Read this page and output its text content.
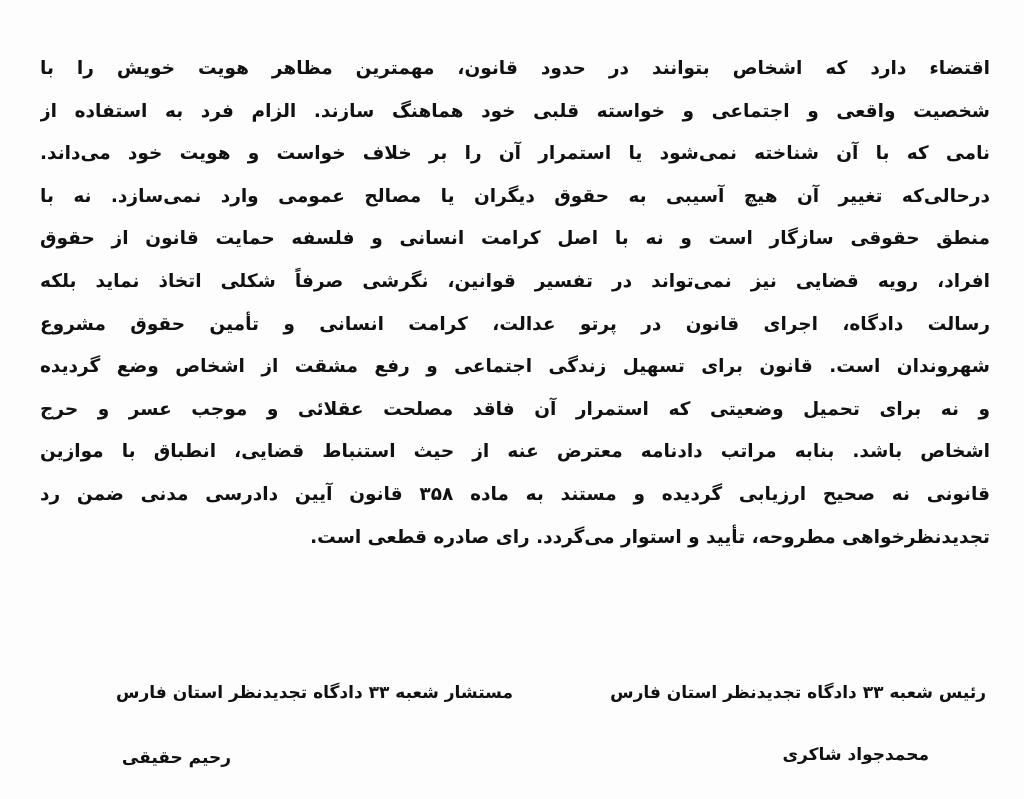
اقتضاء دارد که اشخاص بتوانند در حدود قانون، مهمترین مظاهر هویت خویش را با
شخصیت واقعی و اجتماعی و خواسته قلبی خود هماهنگ سازند. الزام فرد به استفاده از
نامی که با آن شناخته نمی‌شود یا استمرار آن را بر خلاف خواست و هویت خود می‌داند.
درحالی‌که تغییر آن هیچ آسیبی به حقوق دیگران یا مصالح عمومی وارد نمی‌سازد. نه با
منطق حقوقی سازگار است و نه با اصل کرامت انسانی و فلسفه حمایت قانون از حقوق
افراد، رویه قضایی نیز نمی‌تواند در تفسیر قوانین، نگرشی صرفاً شکلی اتخاذ نماید بلکه
رسالت دادگاه، اجرای قانون در پرتو عدالت، کرامت انسانی و تأمین حقوق مشروع
شهروندان است. قانون برای تسهیل زندگی اجتماعی و رفع مشقت از اشخاص وضع گردیده
و نه برای تحمیل وضعیتی که استمرار آن فاقد مصلحت عقلائی و موجب عسر و حرج
اشخاص باشد. بنابه مراتب دادنامه معترض عنه از حیث استنباط قضایی، انطباق با موازین
قانونی نه صحیح ارزیابی گردیده و مستند به ماده ۳۵۸ قانون آیین دادرسی مدنی ضمن رد
تجدیدنظرخواهی مطروحه، تأیید و استوار می‌گردد. رای صادره قطعی است.
رئیس شعبه ۳۳ دادگاه تجدیدنظر استان فارس
مستشار شعبه ۳۳ دادگاه تجدیدنظر استان فارس
محمدجواد شاکری
رحیم حقیقی
